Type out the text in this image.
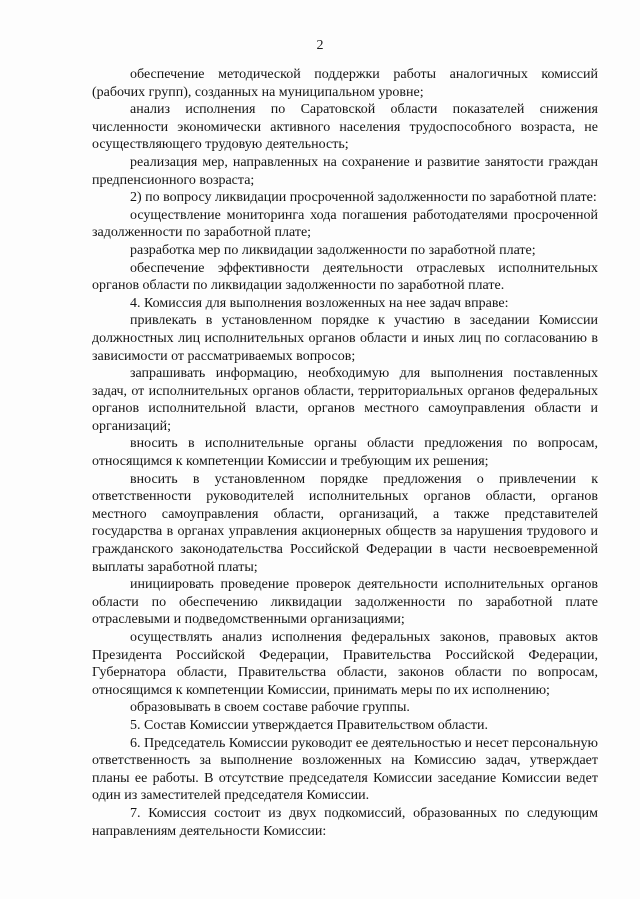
2

обеспечение методической поддержки работы аналогичных комиссий (рабочих групп), созданных на муниципальном уровне;

анализ исполнения по Саратовской области показателей снижения численности экономически активного населения трудоспособного возраста, не осуществляющего трудовую деятельность;

реализация мер, направленных на сохранение и развитие занятости граждан предпенсионного возраста;

2) по вопросу ликвидации просроченной задолженности по заработной плате:

осуществление мониторинга хода погашения работодателями просроченной задолженности по заработной плате;

разработка мер по ликвидации задолженности по заработной плате;

обеспечение эффективности деятельности отраслевых исполнительных органов области по ликвидации задолженности по заработной плате.

4. Комиссия для выполнения возложенных на нее задач вправе:

привлекать в установленном порядке к участию в заседании Комиссии должностных лиц исполнительных органов области и иных лиц по согласованию в зависимости от рассматриваемых вопросов;

запрашивать информацию, необходимую для выполнения поставленных задач, от исполнительных органов области, территориальных органов федеральных органов исполнительной власти, органов местного самоуправления области и организаций;

вносить в исполнительные органы области предложения по вопросам, относящимся к компетенции Комиссии и требующим их решения;

вносить в установленном порядке предложения о привлечении к ответственности руководителей исполнительных органов области, органов местного самоуправления области, организаций, а также представителей государства в органах управления акционерных обществ за нарушения трудового и гражданского законодательства Российской Федерации в части несвоевременной выплаты заработной платы;

инициировать проведение проверок деятельности исполнительных органов области по обеспечению ликвидации задолженности по заработной плате отраслевыми и подведомственными организациями;

осуществлять анализ исполнения федеральных законов, правовых актов Президента Российской Федерации, Правительства Российской Федерации, Губернатора области, Правительства области, законов области по вопросам, относящимся к компетенции Комиссии, принимать меры по их исполнению;

образовывать в своем составе рабочие группы.

5. Состав Комиссии утверждается Правительством области.

6. Председатель Комиссии руководит ее деятельностью и несет персональную ответственность за выполнение возложенных на Комиссию задач, утверждает планы ее работы. В отсутствие председателя Комиссии заседание Комиссии ведет один из заместителей председателя Комиссии.

7. Комиссия состоит из двух подкомиссий, образованных по следующим направлениям деятельности Комиссии:
